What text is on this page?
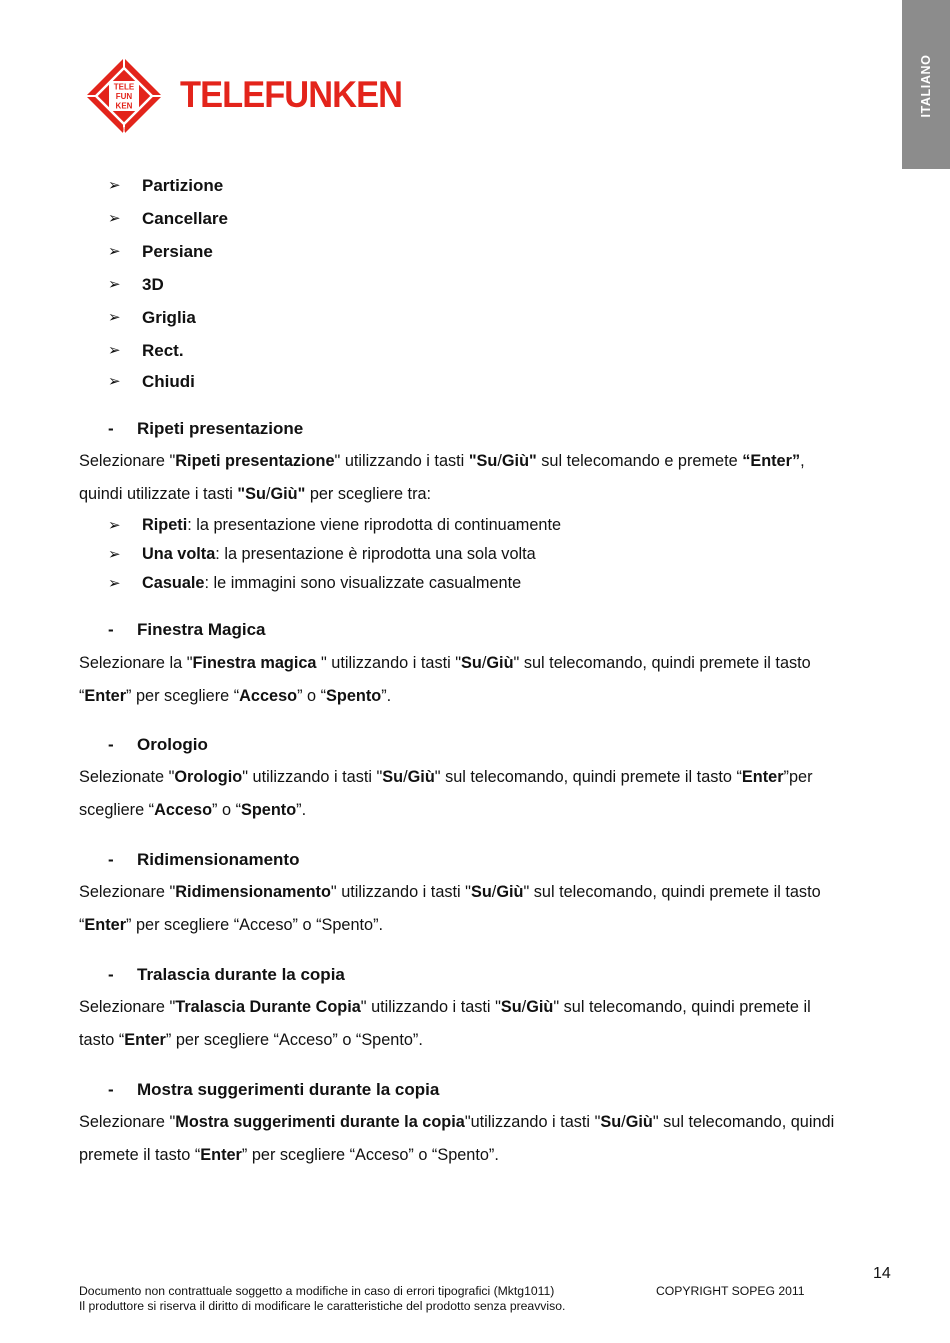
ITALIANO
TELE
FUN
KEN
®
TELEFUNKEN
➢ Partizione
➢ Cancellare
➢ Persiane
➢ 3D
➢ Griglia
➢ Rect.
➢ Chiudi
- Ripeti presentazione
Selezionare "Ripeti presentazione" utilizzando i tasti "Su/Giù" sul telecomando e premete “Enter”,
quindi utilizzate i tasti "Su/Giù" per scegliere tra:
➢ Ripeti: la presentazione viene riprodotta di continuamente
➢ Una volta: la presentazione è riprodotta una sola volta
➢ Casuale: le immagini sono visualizzate casualmente
- Finestra Magica
Selezionare la "Finestra magica " utilizzando i tasti "Su/Giù" sul telecomando, quindi premete il tasto
“Enter” per scegliere “Acceso” o “Spento”.
- Orologio
Selezionate "Orologio" utilizzando i tasti "Su/Giù" sul telecomando, quindi premete il tasto “Enter”per
scegliere “Acceso” o “Spento”.
- Ridimensionamento
Selezionare "Ridimensionamento" utilizzando i tasti "Su/Giù" sul telecomando, quindi premete il tasto
“Enter” per scegliere “Acceso” o “Spento”.
- Tralascia durante la copia
Selezionare "Tralascia Durante Copia" utilizzando i tasti "Su/Giù" sul telecomando, quindi premete il
tasto “Enter” per scegliere “Acceso” o “Spento”.
- Mostra suggerimenti durante la copia
Selezionare "Mostra suggerimenti durante la copia"utilizzando i tasti "Su/Giù" sul telecomando, quindi
premete il tasto “Enter” per scegliere “Acceso” o “Spento”.
14
Documento non contrattuale soggetto a modifiche in caso di errori tipografici (Mktg1011)	COPYRIGHT SOPEG 2011
Il produttore si riserva il diritto di modificare le caratteristiche del prodotto senza preavviso.
